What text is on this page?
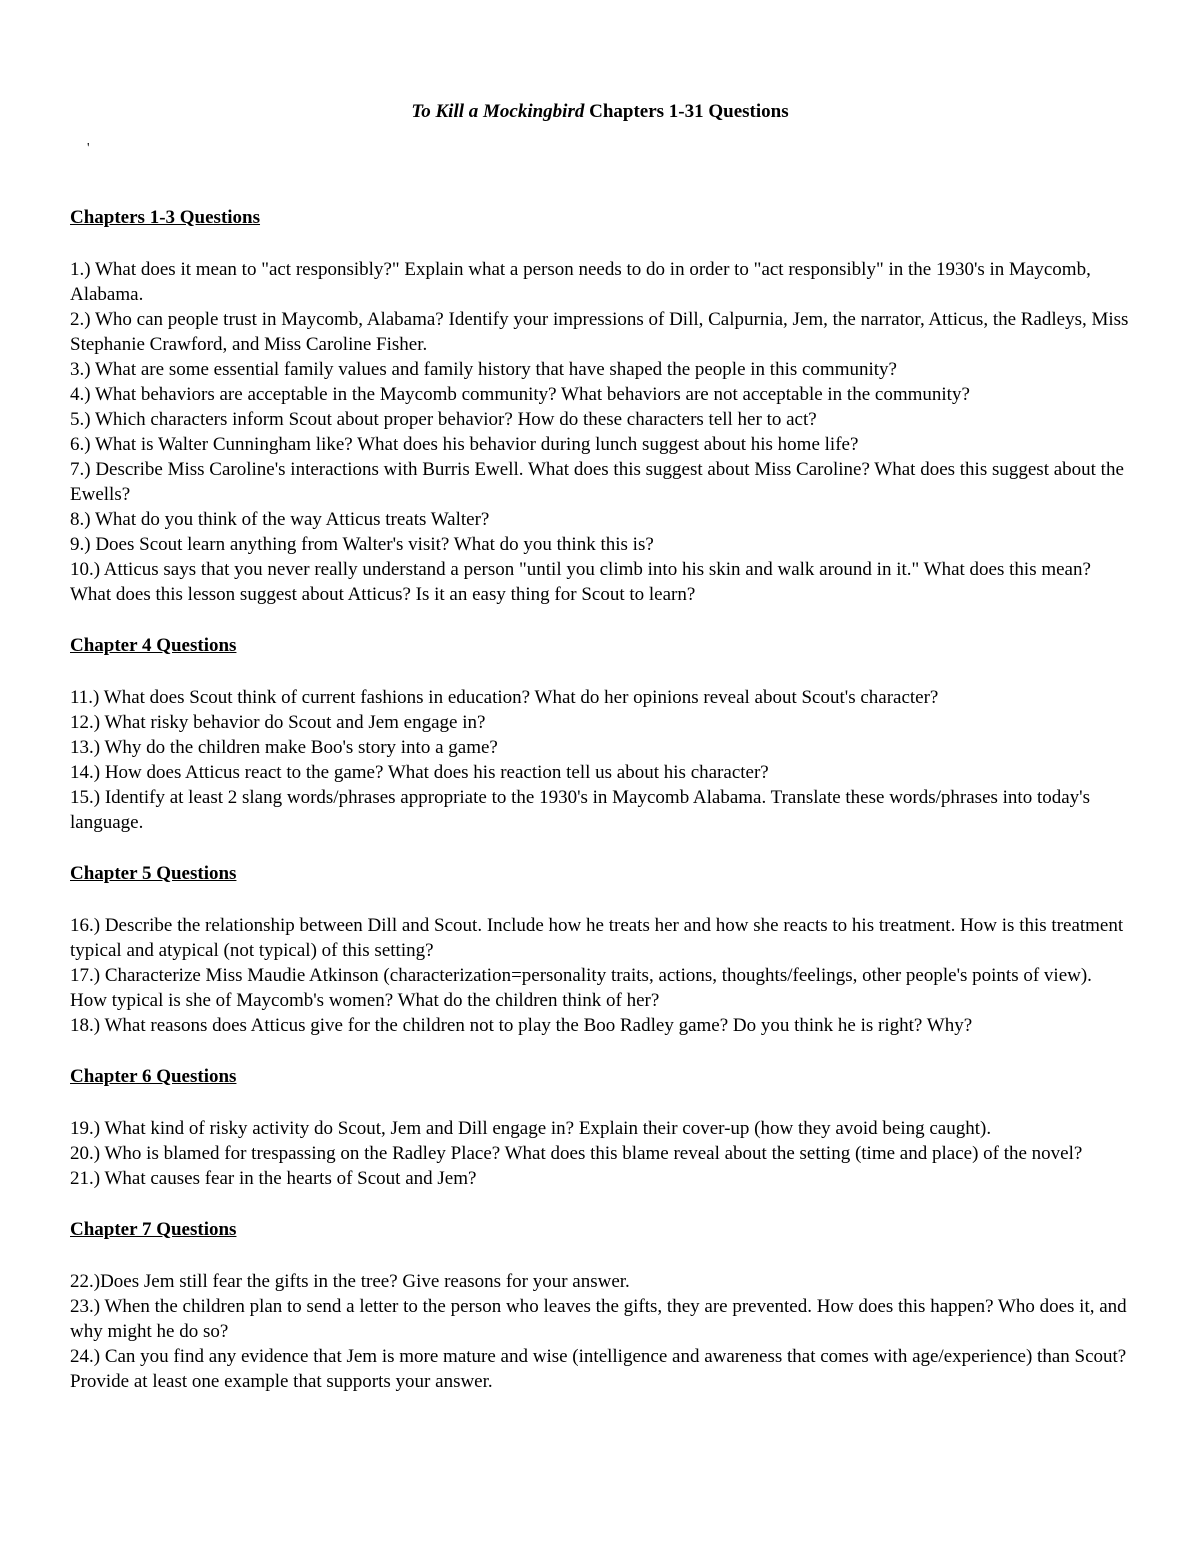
To Kill a Mockingbird Chapters 1-31 Questions
'
Chapters 1-3 Questions

1.) What does it mean to "act responsibly?" Explain what a person needs to do in order to "act responsibly" in the 1930's in Maycomb, Alabama.

2.) Who can people trust in Maycomb, Alabama? Identify your impressions of Dill, Calpurnia, Jem, the narrator, Atticus, the Radleys, Miss Stephanie Crawford, and Miss Caroline Fisher.

3.) What are some essential family values and family history that have shaped the people in this community?

4.) What behaviors are acceptable in the Maycomb community? What behaviors are not acceptable in the community?

5.) Which characters inform Scout about proper behavior? How do these characters tell her to act?

6.) What is Walter Cunningham like? What does his behavior during lunch suggest about his home life?

7.) Describe Miss Caroline's interactions with Burris Ewell. What does this suggest about Miss Caroline? What does this suggest about the Ewells?

8.) What do you think of the way Atticus treats Walter?

9.) Does Scout learn anything from Walter's visit? What do you think this is?

10.) Atticus says that you never really understand a person "until you climb into his skin and walk around in it." What does this mean? What does this lesson suggest about Atticus? Is it an easy thing for Scout to learn?

Chapter 4 Questions

11.) What does Scout think of current fashions in education? What do her opinions reveal about Scout's character?

12.) What risky behavior do Scout and Jem engage in?

13.) Why do the children make Boo's story into a game?

14.) How does Atticus react to the game? What does his reaction tell us about his character?

15.) Identify at least 2 slang words/phrases appropriate to the 1930's in Maycomb Alabama. Translate these words/phrases into today's language.

Chapter 5 Questions

16.) Describe the relationship between Dill and Scout. Include how he treats her and how she reacts to his treatment. How is this treatment typical and atypical (not typical) of this setting?

17.) Characterize Miss Maudie Atkinson (characterization=personality traits, actions, thoughts/feelings, other people's points of view). How typical is she of Maycomb's women? What do the children think of her?

18.) What reasons does Atticus give for the children not to play the Boo Radley game? Do you think he is right? Why?

Chapter 6 Questions

19.) What kind of risky activity do Scout, Jem and Dill engage in? Explain their cover-up (how they avoid being caught).

20.) Who is blamed for trespassing on the Radley Place? What does this blame reveal about the setting (time and place) of the novel?

21.) What causes fear in the hearts of Scout and Jem?

Chapter 7 Questions

22.)Does Jem still fear the gifts in the tree? Give reasons for your answer.

23.) When the children plan to send a letter to the person who leaves the gifts, they are prevented. How does this happen? Who does it, and why might he do so?

24.) Can you find any evidence that Jem is more mature and wise (intelligence and awareness that comes with age/experience) than Scout? Provide at least one example that supports your answer.
